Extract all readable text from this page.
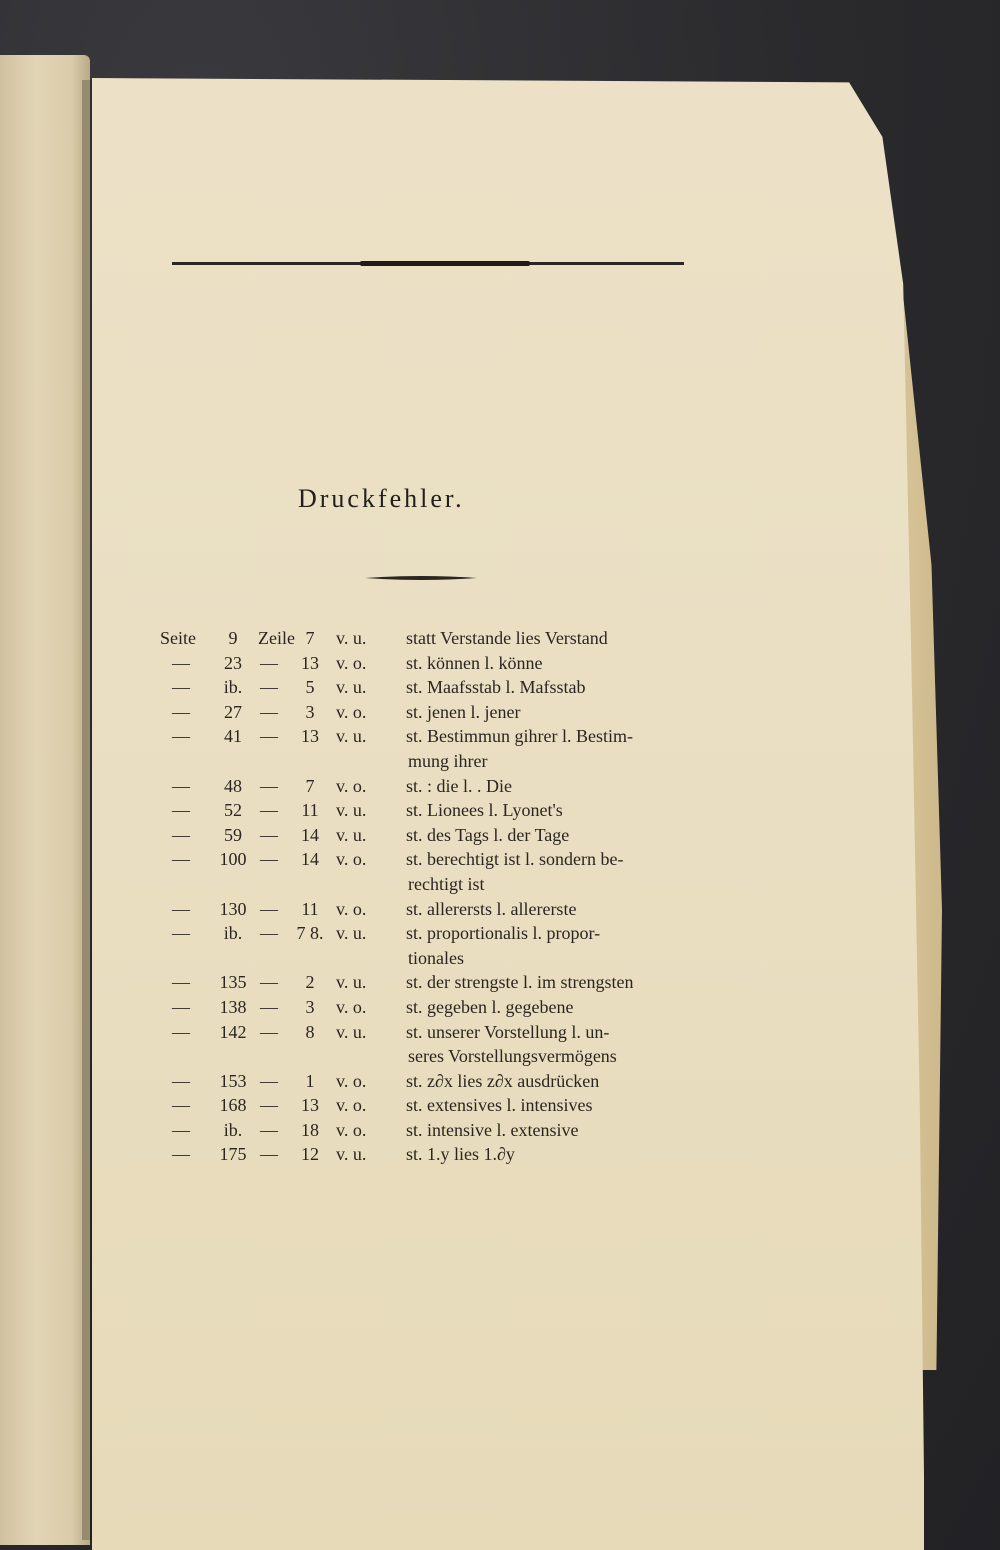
Druckfehler.
Seite	9	Zeile 7	v. u.	statt Verstande lies Verstand
—	23	—	13 v. o.	st. können l. könne
—	ib. —	5	v. u.	st. Maafsstab l. Mafsstab
—	27	—	3	v. o.	st. jenen l. jener
—	41	—	13 v. u.	st. Bestimmun gihrer l. Bestim-
mung ihrer
—	48	—	7	v. o.	st. : die l. . Die
—	52	—	11 v. u.	st. Lionees l. Lyonet's
—	59	—	14 v. u.	st. des Tags l. der Tage
—	100 —	14 v. o.	st. berechtigt ist l. sondern be-
rechtigt ist
—	130 —	11 v. o.	st. allerersts l. allererste
—	ib. —	7 8. v. u.	st. proportionalis l. propor-
tionales
—	135 —	2	v. u.	st. der strengste l. im strengsten
—	138 —	3	v. o.	st. gegeben l. gegebene
—	142 —	8	v. u.	st. unserer Vorstellung l. un-
seres Vorstellungsvermögens
—	153 —	1	v. o.	st. z∂x lies z∂x ausdrücken
—	168 —	13 v. o.	st. extensives l. intensives
—	ib. —	18 v. o.	st. intensive l. extensive
—	175 —	12 v. u.	st. 1.y lies 1.∂y
